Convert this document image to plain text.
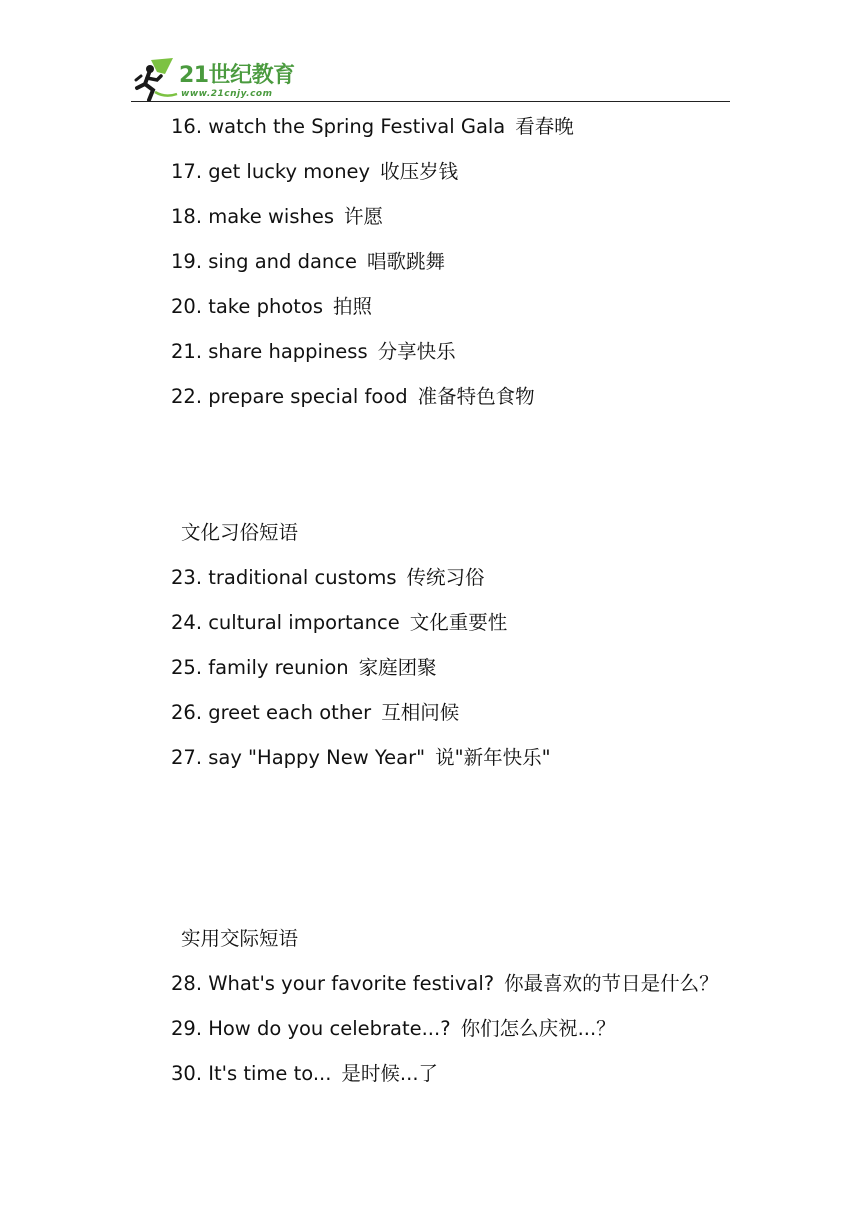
21世纪教育
www.21cnjy.com
16. watch the Spring Festival Gala 看春晚
17. get lucky money 收压岁钱
18. make wishes 许愿
19. sing and dance 唱歌跳舞
20. take photos 拍照
21. share happiness 分享快乐
22. prepare special food 准备特色食物
文化习俗短语
23. traditional customs 传统习俗
24. cultural importance 文化重要性
25. family reunion 家庭团聚
26. greet each other 互相问候
27. say "Happy New Year" 说"新年快乐"
实用交际短语
28. What's your favorite festival? 你最喜欢的节日是什么？
29. How do you celebrate...? 你们怎么庆祝...？
30. It's time to... 是时候...了
